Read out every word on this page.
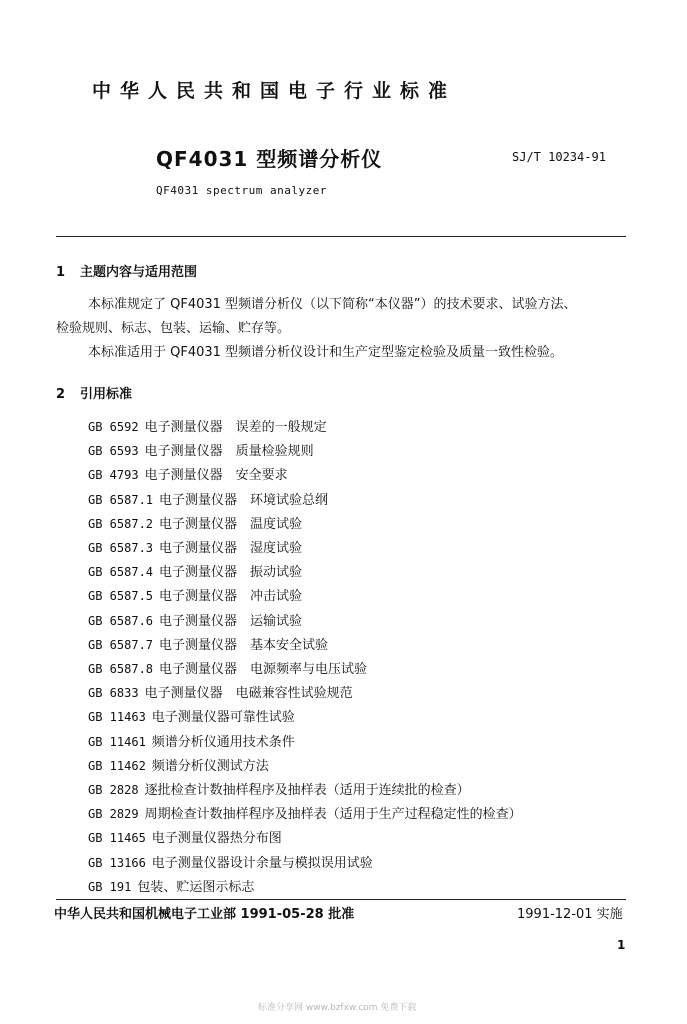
中华人民共和国电子行业标准
QF4031 型频谱分析仪	SJ/T 10234-91
QF4031 spectrum analyzer
1 主题内容与适用范围
本标准规定了 QF4031 型频谱分析仪（以下简称“本仪器”）的技术要求、试验方法、
检验规则、标志、包装、运输、贮存等。
本标准适用于 QF4031 型频谱分析仪设计和生产定型鉴定检验及质量一致性检验。
2 引用标准
GB 6592 电子测量仪器　误差的一般规定
GB 6593 电子测量仪器　质量检验规则
GB 4793 电子测量仪器　安全要求
GB 6587.1 电子测量仪器　环境试验总纲
GB 6587.2 电子测量仪器　温度试验
GB 6587.3 电子测量仪器　湿度试验
GB 6587.4 电子测量仪器　振动试验
GB 6587.5 电子测量仪器　冲击试验
GB 6587.6 电子测量仪器　运输试验
GB 6587.7 电子测量仪器　基本安全试验
GB 6587.8 电子测量仪器　电源频率与电压试验
GB 6833 电子测量仪器　电磁兼容性试验规范
GB 11463 电子测量仪器可靠性试验
GB 11461 频谱分析仪通用技术条件
GB 11462 频谱分析仪测试方法
GB 2828 逐批检查计数抽样程序及抽样表（适用于连续批的检查）
GB 2829 周期检查计数抽样程序及抽样表（适用于生产过程稳定性的检查）
GB 11465 电子测量仪器热分布图
GB 13166 电子测量仪器设计余量与模拟误用试验
GB 191 包装、贮运图示标志
中华人民共和国机械电子工业部 1991-05-28 批准	1991-12-01 实施
1
标准分享网 www.bzfxw.com 免费下载
